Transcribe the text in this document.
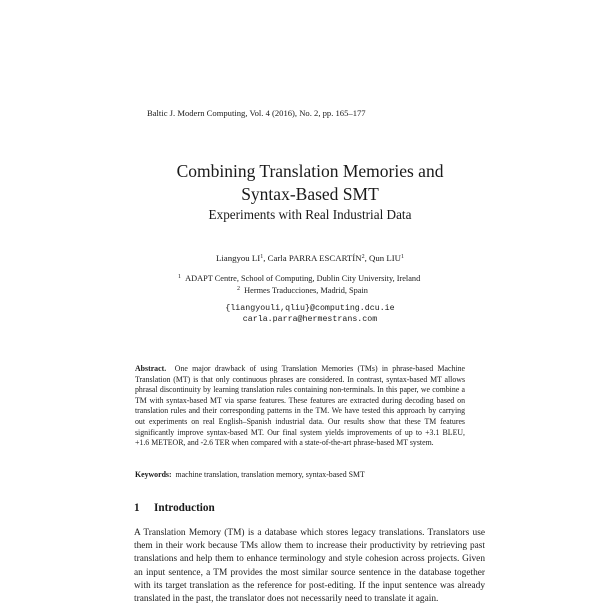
Baltic J. Modern Computing, Vol. 4 (2016), No. 2, pp. 165–177
Combining Translation Memories and
Syntax-Based SMT
Experiments with Real Industrial Data
Liangyou $LI^1$, Carla PARRA ESCARTÍN$^2$, Qun LIU$^1$
$^1$ ADAPT Centre, School of Computing, Dublin City University, Ireland
$^2$ Hermes Traducciones, Madrid, Spain
{liangyouli,qliu}@computing.dcu.ie
carla.parra@hermestrans.com

Abstract. One major drawback of using Translation Memories (TMs) in phrase-based Machine Translation (MT) is that only continuous phrases are considered. In contrast, syntax-based MT allows phrasal discontinuity by learning translation rules containing non-terminals. In this paper, we combine a TM with syntax-based MT via sparse features. These features are extracted during decoding based on translation rules and their corresponding patterns in the TM. We have tested this approach by carrying out experiments on real English–Spanish industrial data. Our results show that these TM features significantly improve syntax-based MT. Our final system yields improvements of up to +3.1 BLEU, +1.6 METEOR, and -2.6 TER when compared with a state-of-the-art phrase-based MT system.

Keywords: machine translation, translation memory, syntax-based SMT
1 Introduction

A Translation Memory (TM) is a database which stores legacy translations. Translators use them in their work because TMs allow them to increase their productivity by retrieving past translations and help them to enhance terminology and style cohesion across projects. Given an input sentence, a TM provides the most similar source sentence in the database together with its target translation as the reference for post-editing. If the input sentence was already translated in the past, the translator does not necessarily need to translate it again.
